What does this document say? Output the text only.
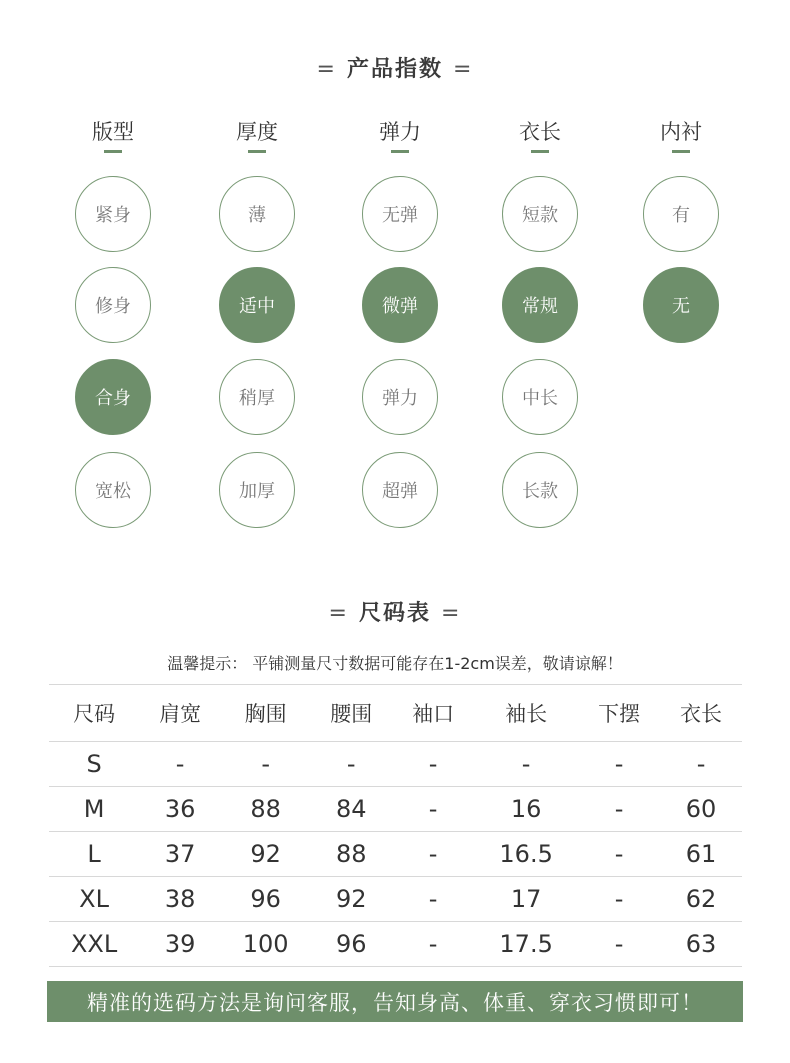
= 产品指数 =
版型
紧身
修身
合身
宽松
厚度
薄
适中
稍厚
加厚
弹力
无弹
微弹
弹力
超弹
衣长
短款
常规
中长
长款
内衬
有
无
= 尺码表 =
温馨提示： 平铺测量尺寸数据可能存在1-2cm误差，敬请谅解！
尺码	肩宽	胸围	腰围	袖口	袖长	下摆	衣长
S	-	-	-	-	-	-	-
M	36	88	84	-	16	-	60
L	37	92	88	-	16.5	-	61
XL	38	96	92	-	17	-	62
XXL	39	100	96	-	17.5	-	63
精准的选码方法是询问客服，告知身高、体重、穿衣习惯即可！
